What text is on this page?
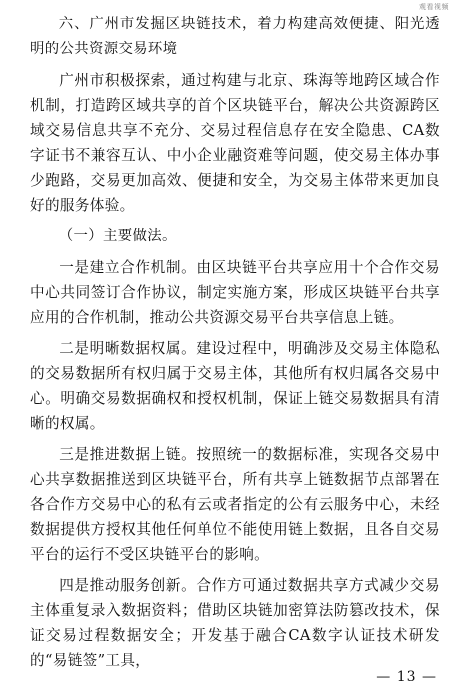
观看视频

六、广州市发掘区块链技术，着力构建高效便捷、阳光透明的公共资源交易环境

广州市积极探索，通过构建与北京、珠海等地跨区域合作机制，打造跨区域共享的首个区块链平台，解决公共资源跨区域交易信息共享不充分、交易过程信息存在安全隐患、CA数字证书不兼容互认、中小企业融资难等问题，使交易主体办事少跑路，交易更加高效、便捷和安全，为交易主体带来更加良好的服务体验。

（一）主要做法。

一是建立合作机制。由区块链平台共享应用十个合作交易中心共同签订合作协议，制定实施方案，形成区块链平台共享应用的合作机制，推动公共资源交易平台共享信息上链。

二是明晰数据权属。建设过程中，明确涉及交易主体隐私的交易数据所有权归属于交易主体，其他所有权归属各交易中心。明确交易数据确权和授权机制，保证上链交易数据具有清晰的权属。

三是推进数据上链。按照统一的数据标准，实现各交易中心共享数据推送到区块链平台，所有共享上链数据节点部署在各合作方交易中心的私有云或者指定的公有云服务中心，未经数据提供方授权其他任何单位不能使用链上数据，且各自交易平台的运行不受区块链平台的影响。

四是推动服务创新。合作方可通过数据共享方式减少交易主体重复录入数据资料；借助区块链加密算法防篡改技术，保证交易过程数据安全；开发基于融合CA数字认证技术研发的“易链签”工具，

— 13 —
